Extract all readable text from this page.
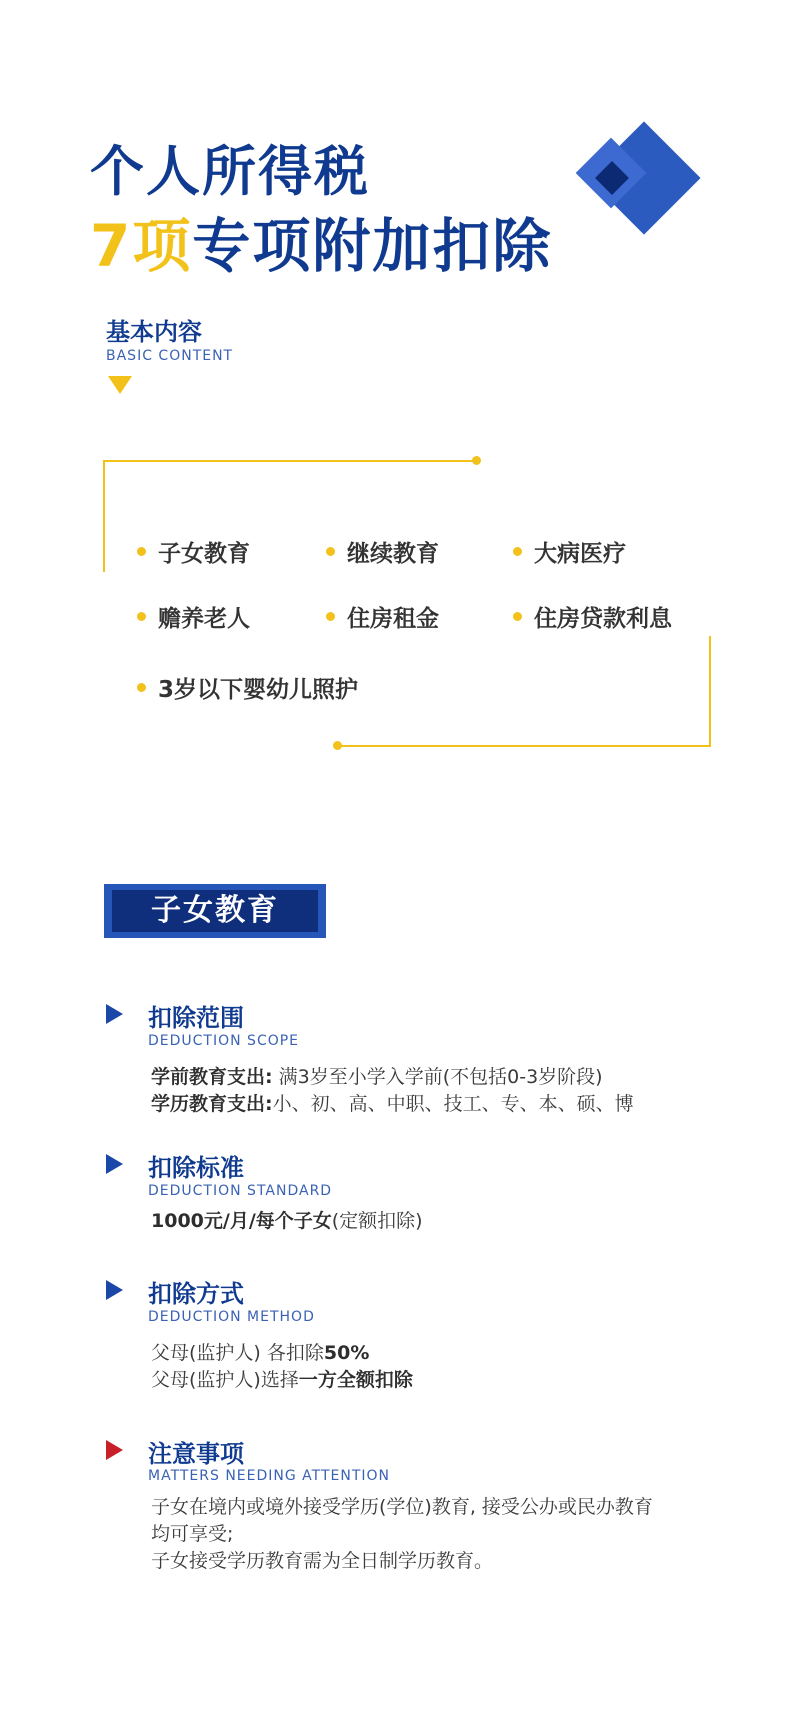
个人所得税
7项专项附加扣除
基本内容
BASIC CONTENT
子女教育	继续教育	大病医疗
赡养老人	住房租金	住房贷款利息
3岁以下婴幼儿照护
子女教育
扣除范围
DEDUCTION SCOPE
学前教育支出: 满3岁至小学入学前(不包括0-3岁阶段)
学历教育支出:小、初、高、中职、技工、专、本、硕、博
扣除标准
DEDUCTION STANDARD
1000元/月/每个子女(定额扣除)
扣除方式
DEDUCTION METHOD
父母(监护人) 各扣除50%
父母(监护人)选择一方全额扣除
注意事项
MATTERS NEEDING ATTENTION
子女在境内或境外接受学历(学位)教育, 接受公办或民办教育
均可享受;
子女接受学历教育需为全日制学历教育。
